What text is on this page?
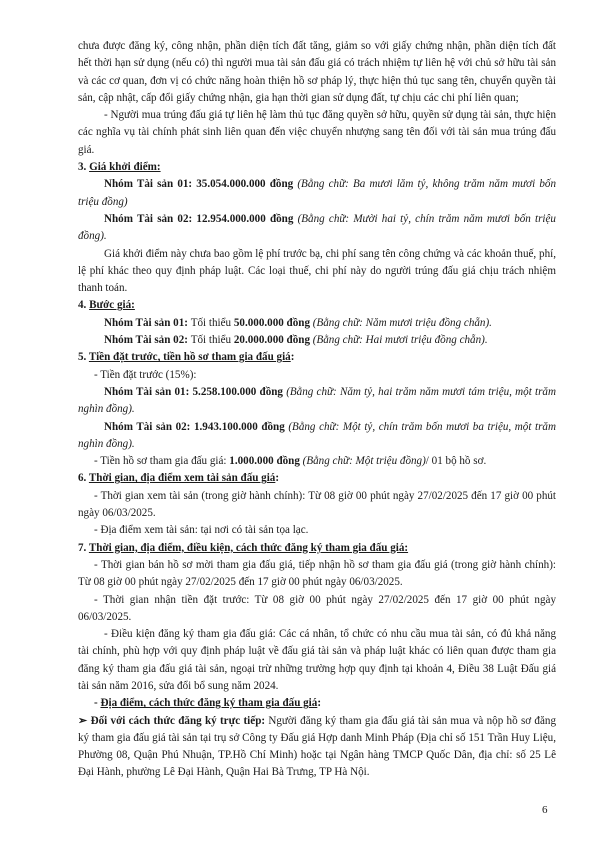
chưa được đăng ký, công nhận, phần diện tích đất tăng, giảm so với giấy chứng nhận, phần diện tích đất hết thời hạn sử dụng (nếu có) thì người mua tài sản đấu giá có trách nhiệm tự liên hệ với chủ sở hữu tài sản và các cơ quan, đơn vị có chức năng hoàn thiện hồ sơ pháp lý, thực hiện thủ tục sang tên, chuyển quyền tài sản, cập nhật, cấp đổi giấy chứng nhận, gia hạn thời gian sử dụng đất, tự chịu các chi phí liên quan;

- Người mua trúng đấu giá tự liên hệ làm thủ tục đăng quyền sở hữu, quyền sử dụng tài sản, thực hiện các nghĩa vụ tài chính phát sinh liên quan đến việc chuyển nhượng sang tên đối với tài sản mua trúng đấu giá.

3. Giá khởi điểm:

Nhóm Tài sản 01: 35.054.000.000 đồng (Bằng chữ: Ba mươi lăm tỷ, không trăm năm mươi bốn triệu đồng)

Nhóm Tài sản 02: 12.954.000.000 đồng (Bằng chữ: Mười hai tỷ, chín trăm năm mươi bốn triệu đồng).

Giá khởi điểm này chưa bao gồm lệ phí trước bạ, chi phí sang tên công chứng và các khoản thuế, phí, lệ phí khác theo quy định pháp luật. Các loại thuế, chi phí này do người trúng đấu giá chịu trách nhiệm thanh toán.

4. Bước giá:

Nhóm Tài sản 01: Tối thiểu 50.000.000 đồng (Bằng chữ: Năm mươi triệu đồng chẵn).

Nhóm Tài sản 02: Tối thiểu 20.000.000 đồng (Bằng chữ: Hai mươi triệu đồng chẵn).

5. Tiền đặt trước, tiền hồ sơ tham gia đấu giá:

- Tiền đặt trước (15%):

Nhóm Tài sản 01: 5.258.100.000 đồng (Bằng chữ: Năm tỷ, hai trăm năm mươi tám triệu, một trăm nghìn đồng).

Nhóm Tài sản 02: 1.943.100.000 đồng (Bằng chữ: Một tỷ, chín trăm bốn mươi ba triệu, một trăm nghìn đồng).

- Tiền hồ sơ tham gia đấu giá: 1.000.000 đồng (Bằng chữ: Một triệu đồng)/ 01 bộ hồ sơ.

6. Thời gian, địa điểm xem tài sản đấu giá:

- Thời gian xem tài sản (trong giờ hành chính): Từ 08 giờ 00 phút ngày 27/02/2025 đến 17 giờ 00 phút ngày 06/03/2025.

- Địa điểm xem tài sản: tại nơi có tài sản tọa lạc.

7. Thời gian, địa điểm, điều kiện, cách thức đăng ký tham gia đấu giá:

- Thời gian bán hồ sơ mời tham gia đấu giá, tiếp nhận hồ sơ tham gia đấu giá (trong giờ hành chính): Từ 08 giờ 00 phút ngày 27/02/2025 đến 17 giờ 00 phút ngày 06/03/2025.

- Thời gian nhận tiền đặt trước: Từ 08 giờ 00 phút ngày 27/02/2025 đến 17 giờ 00 phút ngày 06/03/2025.

- Điều kiện đăng ký tham gia đấu giá: Các cá nhân, tổ chức có nhu cầu mua tài sản, có đủ khả năng tài chính, phù hợp với quy định pháp luật về đấu giá tài sản và pháp luật khác có liên quan được tham gia đăng ký tham gia đấu giá tài sản, ngoại trừ những trường hợp quy định tại khoản 4, Điều 38 Luật Đấu giá tài sản năm 2016, sửa đổi bổ sung năm 2024.

- Địa điểm, cách thức đăng ký tham gia đấu giá:

➢ Đối với cách thức đăng ký trực tiếp: Người đăng ký tham gia đấu giá tài sản mua và nộp hồ sơ đăng ký tham gia đấu giá tài sản tại trụ sở Công ty Đấu giá Hợp danh Minh Pháp (Địa chỉ số 151 Trần Huy Liệu, Phường 08, Quận Phú Nhuận, TP.Hồ Chí Minh) hoặc tại Ngân hàng TMCP Quốc Dân, địa chỉ: số 25 Lê Đại Hành, phường Lê Đại Hành, Quận Hai Bà Trưng, TP Hà Nội.

6
